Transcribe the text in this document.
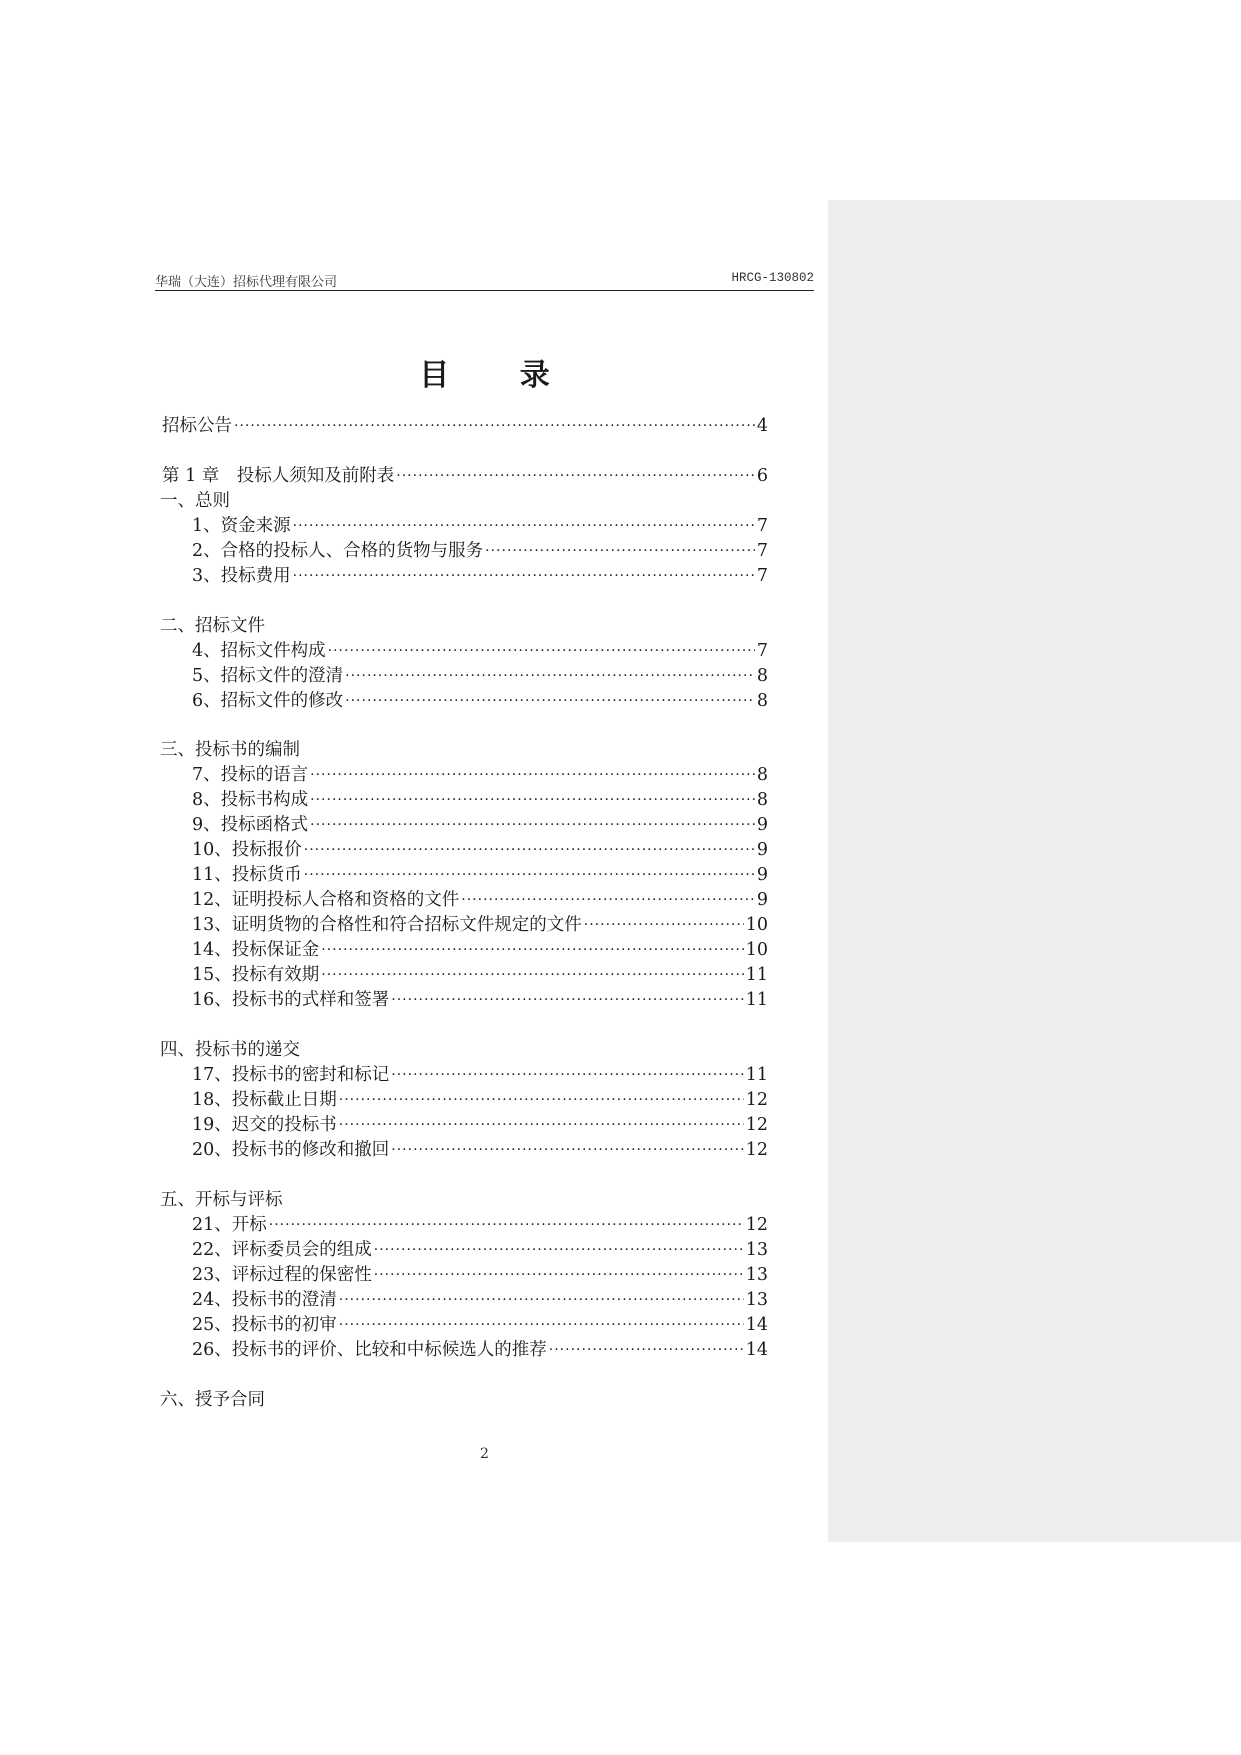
华瑞（大连）招标代理有限公司	HRCG-130802
目 录
招标公告 ·····	4
第 1 章　投标人须知及前附表 ·····	6
一、总则
1、资金来源 ·····	7
2、合格的投标人、合格的货物与服务 ·····	7
3、投标费用 ·····	7
二、招标文件
4、招标文件构成 ·····	7
5、招标文件的澄清 ·····	8
6、招标文件的修改 ·····	8
三、投标书的编制
7、投标的语言 ·····	8
8、投标书构成 ·····	8
9、投标函格式 ·····	9
10、投标报价 ·····	9
11、投标货币 ·····	9
12、证明投标人合格和资格的文件 ·····	9
13、证明货物的合格性和符合招标文件规定的文件 ·····	10
14、投标保证金 ·····	10
15、投标有效期 ·····	11
16、投标书的式样和签署 ·····	11
四、投标书的递交
17、投标书的密封和标记 ·····	11
18、投标截止日期 ·····	12
19、迟交的投标书 ·····	12
20、投标书的修改和撤回 ·····	12
五、开标与评标
21、开标 ·····	12
22、评标委员会的组成 ·····	13
23、评标过程的保密性 ·····	13
24、投标书的澄清 ·····	13
25、投标书的初审 ·····	14
26、投标书的评价、比较和中标候选人的推荐 ·····	14
六、授予合同
2
